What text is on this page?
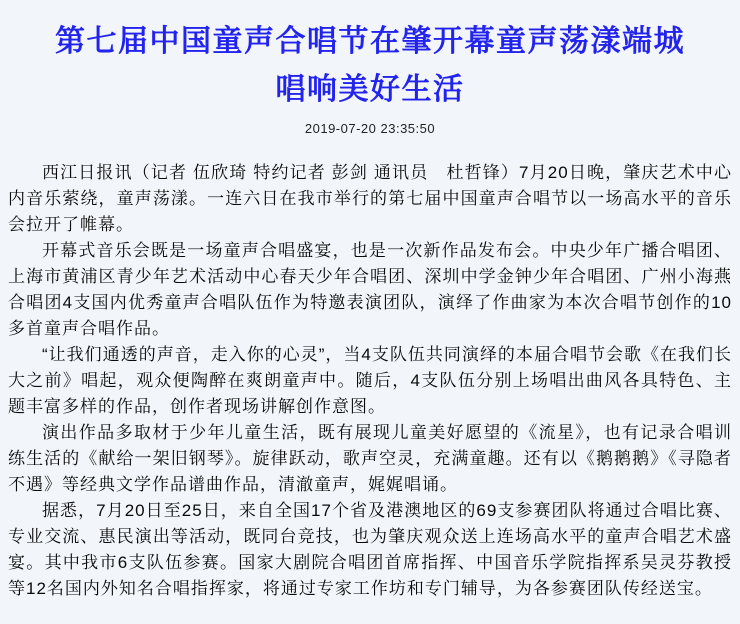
第七届中国童声合唱节在肇开幕童声荡漾端城
唱响美好生活
2019-07-20 23:35:50

西江日报讯（记者 伍欣琦 特约记者 彭剑 通讯员　杜哲锋）7月20日晚，肇庆艺术中心内音乐萦绕，童声荡漾。一连六日在我市举行的第七届中国童声合唱节以一场高水平的音乐会拉开了帷幕。

开幕式音乐会既是一场童声合唱盛宴，也是一次新作品发布会。中央少年广播合唱团、上海市黄浦区青少年艺术活动中心春天少年合唱团、深圳中学金钟少年合唱团、广州小海燕合唱团4支国内优秀童声合唱队伍作为特邀表演团队，演绎了作曲家为本次合唱节创作的10多首童声合唱作品。

“让我们通透的声音，走入你的心灵”，当4支队伍共同演绎的本届合唱节会歌《在我们长大之前》唱起，观众便陶醉在爽朗童声中。随后，4支队伍分别上场唱出曲风各具特色、主题丰富多样的作品，创作者现场讲解创作意图。

演出作品多取材于少年儿童生活，既有展现儿童美好愿望的《流星》，也有记录合唱训练生活的《献给一架旧钢琴》。旋律跃动，歌声空灵，充满童趣。还有以《鹅鹅鹅》《寻隐者不遇》等经典文学作品谱曲作品，清澈童声，娓娓唱诵。

据悉，7月20日至25日，来自全国17个省及港澳地区的69支参赛团队将通过合唱比赛、专业交流、惠民演出等活动，既同台竞技，也为肇庆观众送上连场高水平的童声合唱艺术盛宴。其中我市6支队伍参赛。国家大剧院合唱团首席指挥、中国音乐学院指挥系吴灵芬教授等12名国内外知名合唱指挥家，将通过专家工作坊和专门辅导，为各参赛团队传经送宝。
